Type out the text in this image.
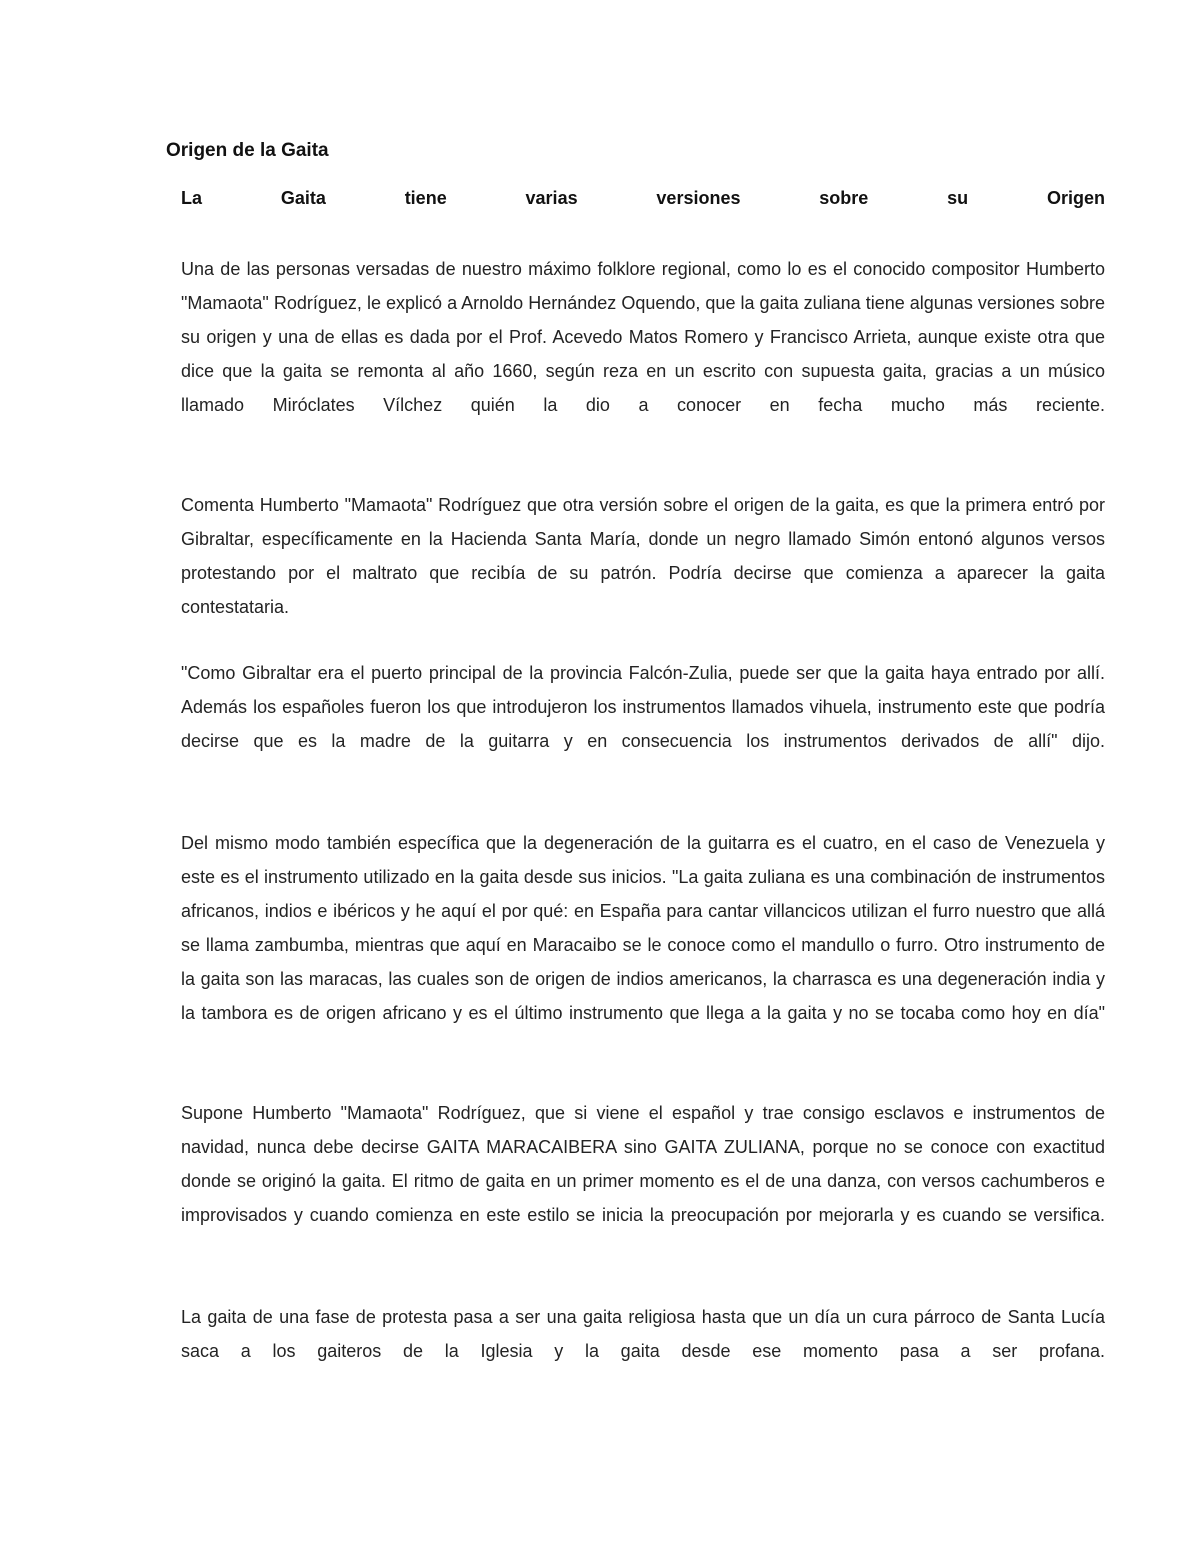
Origen de la Gaita

La Gaita tiene varias versiones sobre su Origen

Una de las personas versadas de nuestro máximo folklore regional, como lo es el conocido compositor Humberto "Mamaota" Rodríguez, le explicó a Arnoldo Hernández Oquendo, que la gaita zuliana tiene algunas versiones sobre su origen y una de ellas es dada por el Prof. Acevedo Matos Romero y Francisco Arrieta, aunque existe otra que dice que la gaita se remonta al año 1660, según reza en un escrito con supuesta gaita, gracias a un músico llamado Miróclates Vílchez quién la dio a conocer en fecha mucho más reciente.

Comenta Humberto "Mamaota" Rodríguez que otra versión sobre el origen de la gaita, es que la primera entró por Gibraltar, específicamente en la Hacienda Santa María, donde un negro llamado Simón entonó algunos versos protestando por el maltrato que recibía de su patrón. Podría decirse que comienza a aparecer la gaita contestataria.

"Como Gibraltar era el puerto principal de la provincia Falcón-Zulia, puede ser que la gaita haya entrado por allí. Además los españoles fueron los que introdujeron los instrumentos llamados vihuela, instrumento este que podría decirse que es la madre de la guitarra y en consecuencia los instrumentos derivados de allí" dijo.

Del mismo modo también específica que la degeneración de la guitarra es el cuatro, en el caso de Venezuela y este es el instrumento utilizado en la gaita desde sus inicios. "La gaita zuliana es una combinación de instrumentos africanos, indios e ibéricos y he aquí el por qué: en España para cantar villancicos utilizan el furro nuestro que allá se llama zambumba, mientras que aquí en Maracaibo se le conoce como el mandullo o furro. Otro instrumento de la gaita son las maracas, las cuales son de origen de indios americanos, la charrasca es una degeneración india y la tambora es de origen africano y es el último instrumento que llega a la gaita y no se tocaba como hoy en día"

Supone Humberto "Mamaota" Rodríguez, que si viene el español y trae consigo esclavos e instrumentos de navidad, nunca debe decirse GAITA MARACAIBERA sino GAITA ZULIANA, porque no se conoce con exactitud donde se originó la gaita. El ritmo de gaita en un primer momento es el de una danza, con versos cachumberos e improvisados y cuando comienza en este estilo se inicia la preocupación por mejorarla y es cuando se versifica.

La gaita de una fase de protesta pasa a ser una gaita religiosa hasta que un día un cura párroco de Santa Lucía saca a los gaiteros de la Iglesia y la gaita desde ese momento pasa a ser profana.
